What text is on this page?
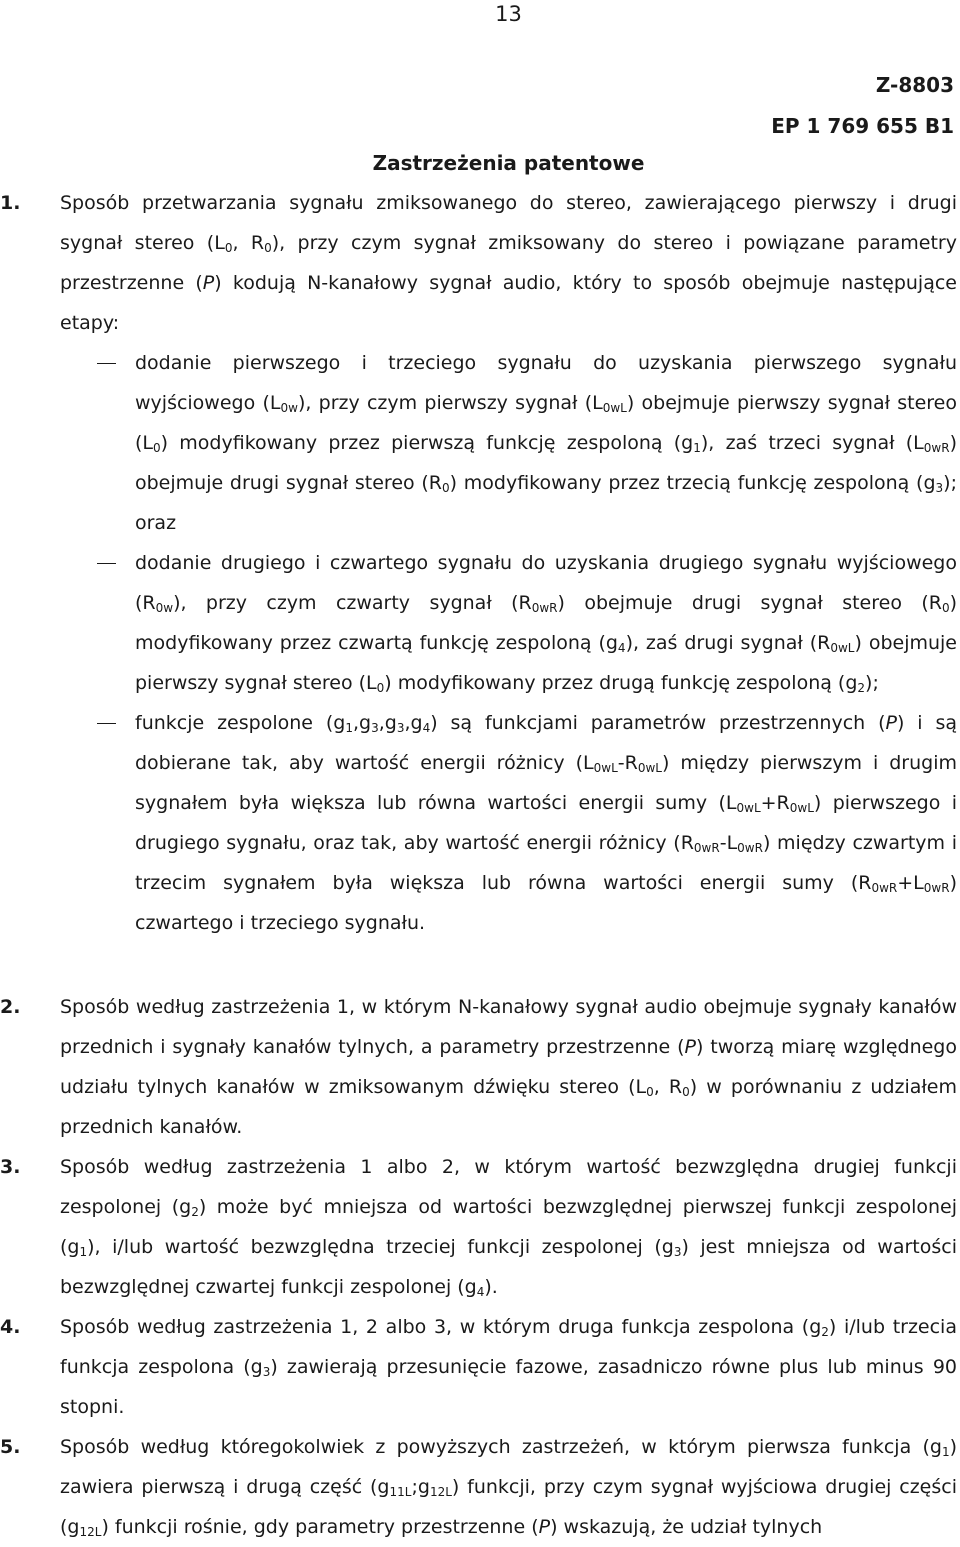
13
Z-8803
EP 1 769 655 B1
Zastrzeżenia patentowe
1. Sposób przetwarzania sygnału zmiksowanego do stereo, zawierającego pierwszy i drugi sygnał stereo ($L_0$, $R_0$), przy czym sygnał zmiksowany do stereo i powiązane parametry przestrzenne (P) kodują N-kanałowy sygnał audio, który to sposób obejmuje następujące etapy:
dodanie pierwszego i trzeciego sygnału do uzyskania pierwszego sygnału wyjściowego $(L_{0w})$, przy czym pierwszy sygnał $(L_{0wL})$ obejmuje pierwszy sygnał stereo $(L_0)$ modyfikowany przez pierwszą funkcję zespoloną $(g_1)$, zaś trzeci sygnał $(L_{0wR})$ obejmuje drugi sygnał stereo $(R_0)$ modyfikowany przez trzecią funkcję zespoloną $(g_3)$; oraz
dodanie drugiego i czwartego sygnału do uzyskania drugiego sygnału wyjściowego $(R_{0w})$, przy czym czwarty sygnał $(R_{0wR})$ obejmuje drugi sygnał stereo $(R_0)$ modyfikowany przez czwartą funkcję zespoloną $(g_4)$, zaś drugi sygnał $(R_{0wL})$ obejmuje pierwszy sygnał stereo $(L_0)$ modyfikowany przez drugą funkcję zespoloną $(g_2)$;
funkcje zespolone $(g_1,g_3,g_3,g_4)$ są funkcjami parametrów przestrzennych (P) i są dobierane tak, aby wartość energii różnicy $(L_{0wL}-R_{0wL})$ między pierwszym i drugim sygnałem była większa lub równa wartości energii sumy $(L_{0wL}+R_{0wL})$ pierwszego i drugiego sygnału, oraz tak, aby wartość energii różnicy $(R_{0wR}-L_{0wR})$ między czwartym i trzecim sygnałem była większa lub równa wartości energii sumy $(R_{0wR}+L_{0wR})$ czwartego i trzeciego sygnału.
2. Sposób według zastrzeżenia 1, w którym N-kanałowy sygnał audio obejmuje sygnały kanałów przednich i sygnały kanałów tylnych, a parametry przestrzenne (P) tworzą miarę względnego udziału tylnych kanałów w zmiksowanym dźwięku stereo ($L_0$, $R_0$) w porównaniu z udziałem przednich kanałów.
3. Sposób według zastrzeżenia 1 albo 2, w którym wartość bezwzględna drugiej funkcji zespolonej $(g_2)$ może być mniejsza od wartości bezwzględnej pierwszej funkcji zespolonej $(g_1)$, i/lub wartość bezwzględna trzeciej funkcji zespolonej $(g_3)$ jest mniejsza od wartości bezwzględnej czwartej funkcji zespolonej $(g_4)$.
4. Sposób według zastrzeżenia 1, 2 albo 3, w którym druga funkcja zespolona $(g_2)$ i/lub trzecia funkcja zespolona $(g_3)$ zawierają przesunięcie fazowe, zasadniczo równe plus lub minus 90 stopni.
5. Sposób według któregokolwiek z powyższych zastrzeżeń, w którym pierwsza funkcja $(g_1)$ zawiera pierwszą i drugą część $(g_{11L};g_{12L})$ funkcji, przy czym sygnał wyjściowa drugiej części $(g_{12L})$ funkcji rośnie, gdy parametry przestrzenne (P) wskazują, że udział tylnych
